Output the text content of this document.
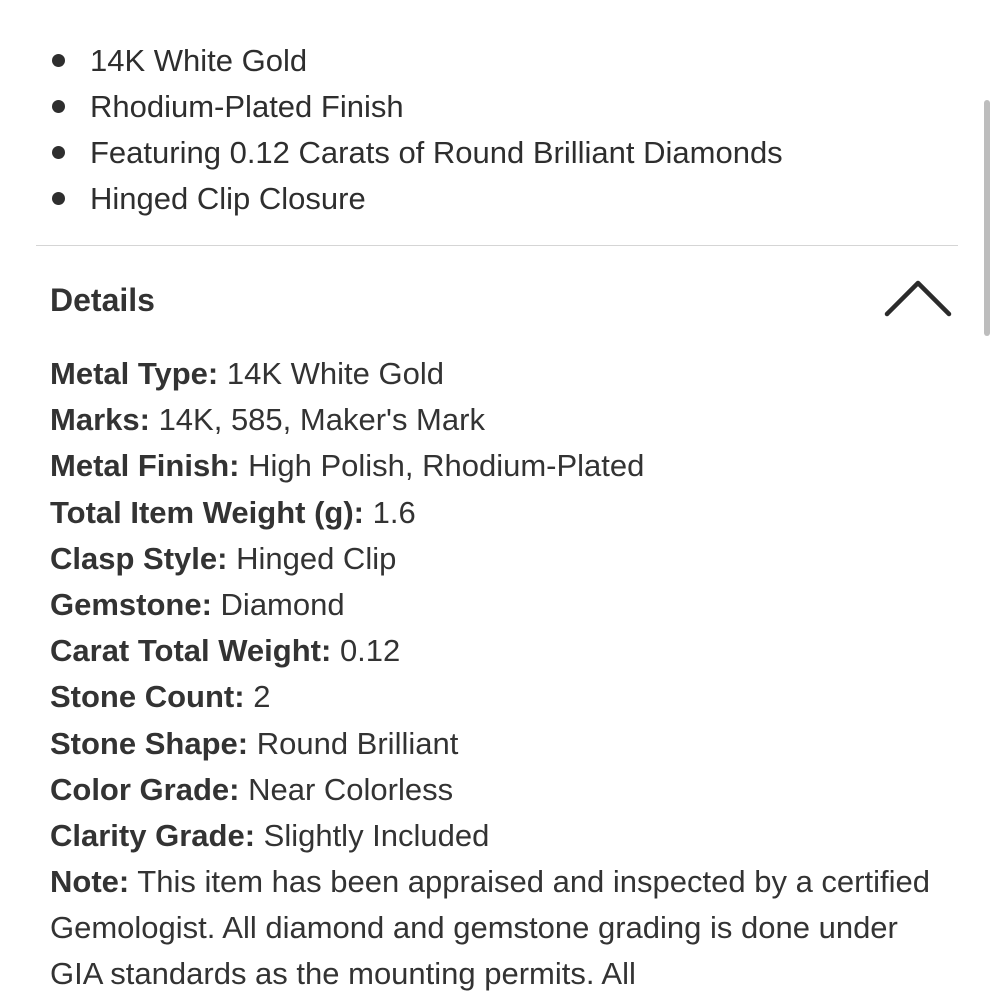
14K White Gold
Rhodium-Plated Finish
Featuring 0.12 Carats of Round Brilliant Diamonds
Hinged Clip Closure
Details
Metal Type: 14K White Gold
Marks: 14K, 585, Maker's Mark
Metal Finish: High Polish, Rhodium-Plated
Total Item Weight (g): 1.6
Clasp Style: Hinged Clip
Gemstone: Diamond
Carat Total Weight: 0.12
Stone Count: 2
Stone Shape: Round Brilliant
Color Grade: Near Colorless
Clarity Grade: Slightly Included
Note: This item has been appraised and inspected by a certified Gemologist. All diamond and gemstone grading is done under GIA standards as the mounting permits. All
